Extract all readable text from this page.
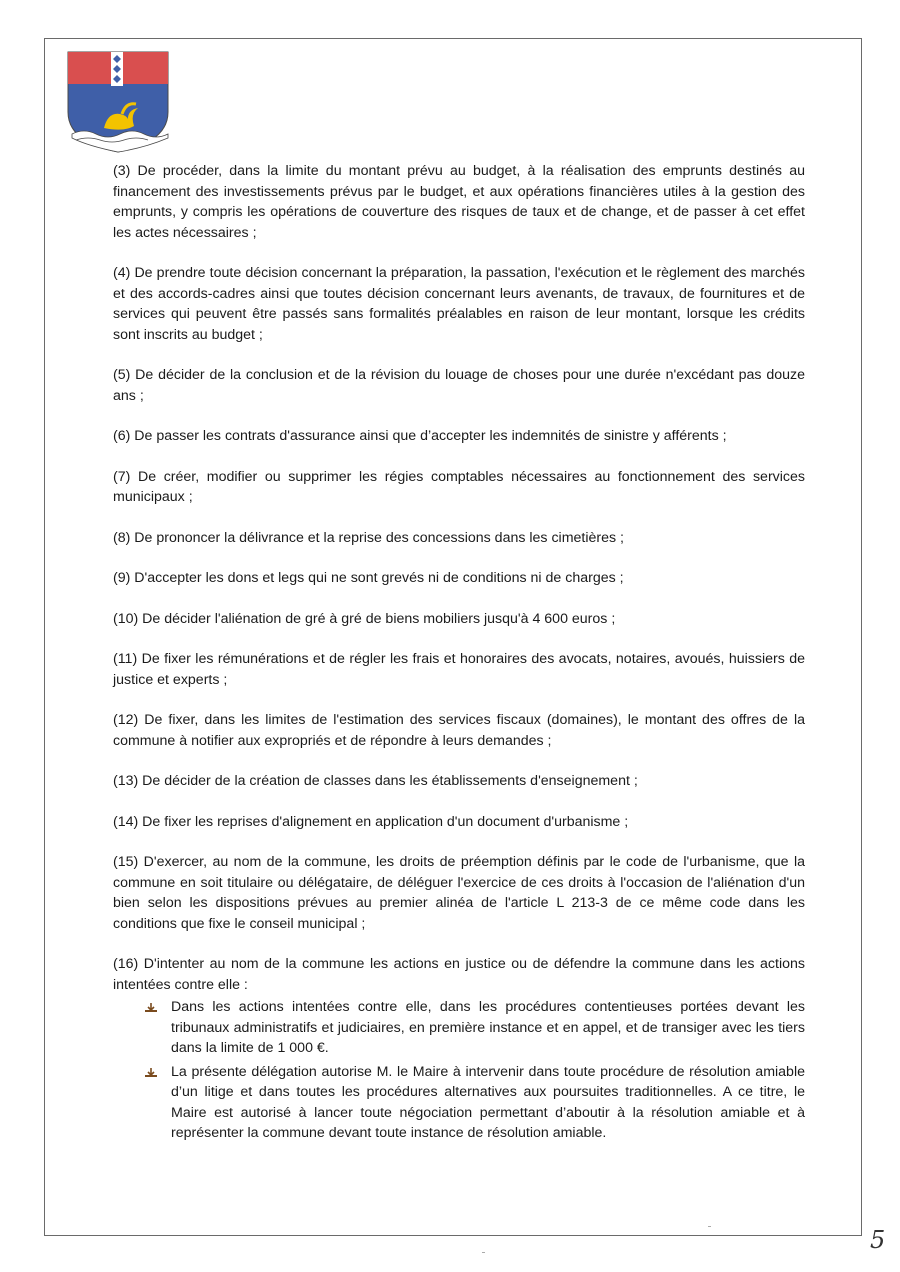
(3) De procéder, dans la limite du montant prévu au budget, à la réalisation des emprunts destinés au financement des investissements prévus par le budget, et aux opérations financières utiles à la gestion des emprunts, y compris les opérations de couverture des risques de taux et de change, et de passer à cet effet les actes nécessaires ;

(4) De prendre toute décision concernant la préparation, la passation, l'exécution et le règlement des marchés et des accords-cadres ainsi que toutes décision concernant leurs avenants, de travaux, de fournitures et de services qui peuvent être passés sans formalités préalables en raison de leur montant, lorsque les crédits sont inscrits au budget ;

(5) De décider de la conclusion et de la révision du louage de choses pour une durée n'excédant pas douze ans ;

(6) De passer les contrats d'assurance ainsi que d’accepter les indemnités de sinistre y afférents ;

(7) De créer, modifier ou supprimer les régies comptables nécessaires au fonctionnement des services municipaux ;

(8) De prononcer la délivrance et la reprise des concessions dans les cimetières ;

(9) D'accepter les dons et legs qui ne sont grevés ni de conditions ni de charges ;

(10) De décider l'aliénation de gré à gré de biens mobiliers jusqu'à 4 600 euros ;

(11) De fixer les rémunérations et de régler les frais et honoraires des avocats, notaires, avoués, huissiers de justice et experts ;

(12) De fixer, dans les limites de l'estimation des services fiscaux (domaines), le montant des offres de la commune à notifier aux expropriés et de répondre à leurs demandes ;

(13) De décider de la création de classes dans les établissements d'enseignement ;

(14) De fixer les reprises d'alignement en application d'un document d'urbanisme ;

(15) D'exercer, au nom de la commune, les droits de préemption définis par le code de l'urbanisme, que la commune en soit titulaire ou délégataire, de déléguer l'exercice de ces droits à l'occasion de l'aliénation d'un bien selon les dispositions prévues au premier alinéa de l'article L 213-3 de ce même code dans les conditions que fixe le conseil municipal ;

(16) D'intenter au nom de la commune les actions en justice ou de défendre la commune dans les actions intentées contre elle :

Dans les actions intentées contre elle, dans les procédures contentieuses portées devant les tribunaux administratifs et judiciaires, en première instance et en appel, et de transiger avec les tiers dans la limite de 1 000 €.
La présente délégation autorise M. le Maire à intervenir dans toute procédure de résolution amiable d’un litige et dans toutes les procédures alternatives aux poursuites traditionnelles. A ce titre, le Maire est autorisé à lancer toute négociation permettant d’aboutir à la résolution amiable et à représenter la commune devant toute instance de résolution amiable.
5
